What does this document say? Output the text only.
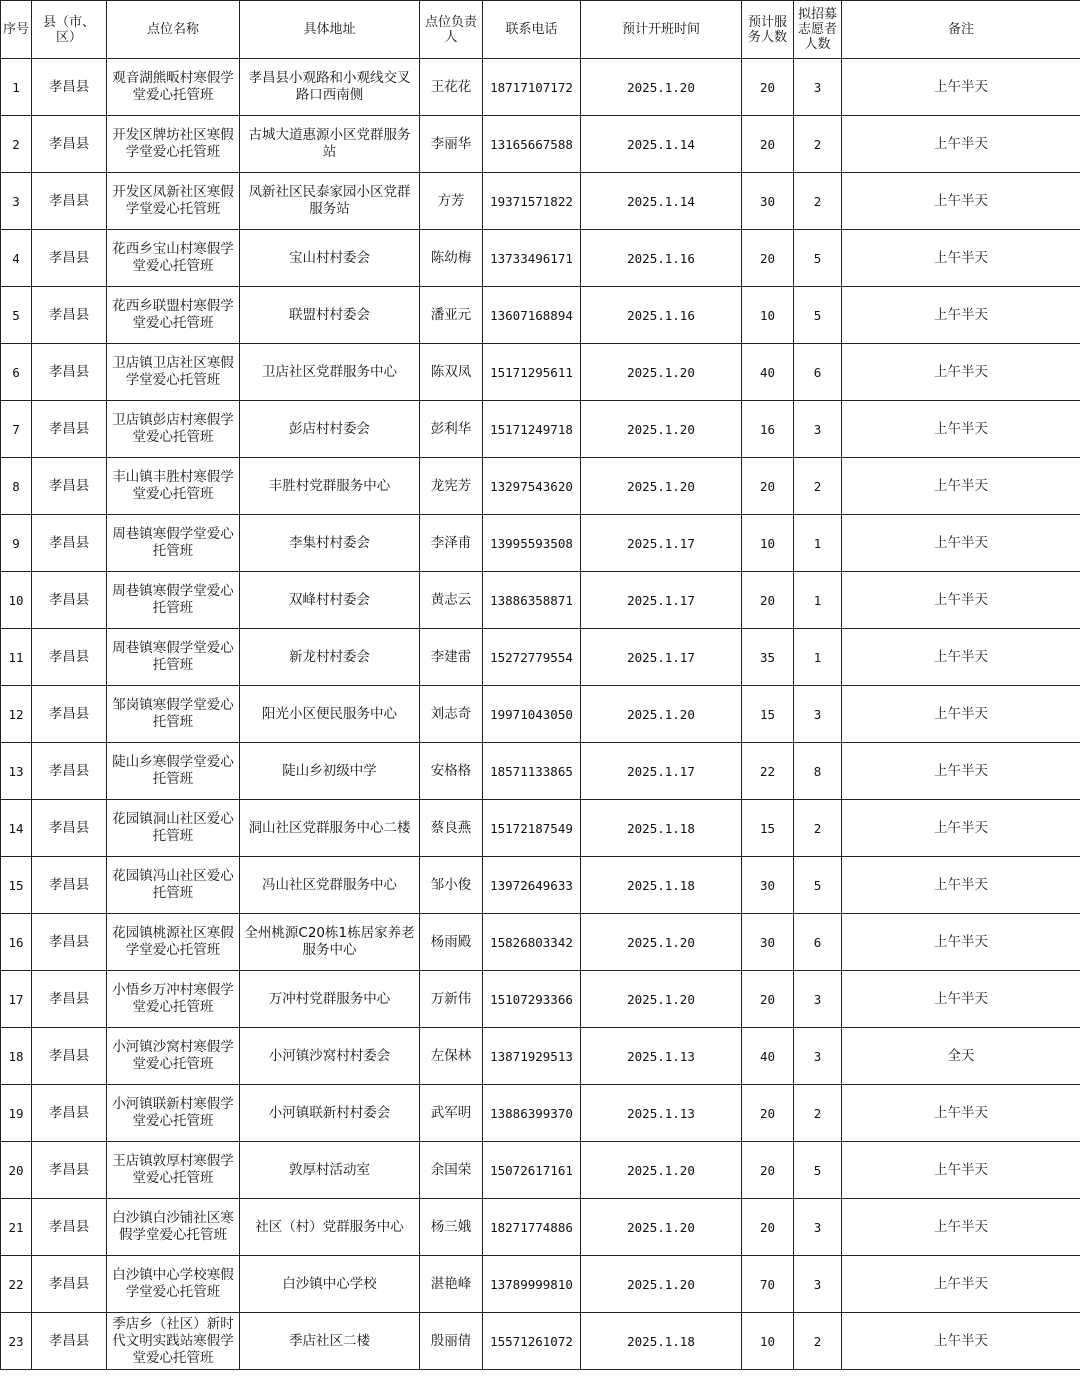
序号	县（市、区）	点位名称	具体地址	点位负责人	联系电话	预计开班时间	预计服务人数	拟招募志愿者人数	备注
1	孝昌县	观音湖熊畈村寒假学堂爱心托管班	孝昌县小观路和小观线交叉路口西南侧	王花花	18717107172	2025.1.20	20	3	上午半天
2	孝昌县	开发区牌坊社区寒假学堂爱心托管班	古城大道惠源小区党群服务站	李丽华	13165667588	2025.1.14	20	2	上午半天
3	孝昌县	开发区凤新社区寒假学堂爱心托管班	凤新社区民泰家园小区党群服务站	方芳	19371571822	2025.1.14	30	2	上午半天
4	孝昌县	花西乡宝山村寒假学堂爱心托管班	宝山村村委会	陈幼梅	13733496171	2025.1.16	20	5	上午半天
5	孝昌县	花西乡联盟村寒假学堂爱心托管班	联盟村村委会	潘亚元	13607168894	2025.1.16	10	5	上午半天
6	孝昌县	卫店镇卫店社区寒假学堂爱心托管班	卫店社区党群服务中心	陈双凤	15171295611	2025.1.20	40	6	上午半天
7	孝昌县	卫店镇彭店村寒假学堂爱心托管班	彭店村村委会	彭利华	15171249718	2025.1.20	16	3	上午半天
8	孝昌县	丰山镇丰胜村寒假学堂爱心托管班	丰胜村党群服务中心	龙宪芳	13297543620	2025.1.20	20	2	上午半天
9	孝昌县	周巷镇寒假学堂爱心托管班	李集村村委会	李泽甫	13995593508	2025.1.17	10	1	上午半天
10	孝昌县	周巷镇寒假学堂爱心托管班	双峰村村委会	黄志云	13886358871	2025.1.17	20	1	上午半天
11	孝昌县	周巷镇寒假学堂爱心托管班	新龙村村委会	李建雷	15272779554	2025.1.17	35	1	上午半天
12	孝昌县	邹岗镇寒假学堂爱心托管班	阳光小区便民服务中心	刘志奇	19971043050	2025.1.20	15	3	上午半天
13	孝昌县	陡山乡寒假学堂爱心托管班	陡山乡初级中学	安格格	18571133865	2025.1.17	22	8	上午半天
14	孝昌县	花园镇洞山社区爱心托管班	洞山社区党群服务中心二楼	蔡良燕	15172187549	2025.1.18	15	2	上午半天
15	孝昌县	花园镇冯山社区爱心托管班	冯山社区党群服务中心	邹小俊	13972649633	2025.1.18	30	5	上午半天
16	孝昌县	花园镇桃源社区寒假学堂爱心托管班	全州桃源C20栋1栋居家养老服务中心	杨雨殿	15826803342	2025.1.20	30	6	上午半天
17	孝昌县	小悟乡万冲村寒假学堂爱心托管班	万冲村党群服务中心	万新伟	15107293366	2025.1.20	20	3	上午半天
18	孝昌县	小河镇沙窝村寒假学堂爱心托管班	小河镇沙窝村村委会	左保林	13871929513	2025.1.13	40	3	全天
19	孝昌县	小河镇联新村寒假学堂爱心托管班	小河镇联新村村委会	武军明	13886399370	2025.1.13	20	2	上午半天
20	孝昌县	王店镇敦厚村寒假学堂爱心托管班	敦厚村活动室	余国荣	15072617161	2025.1.20	20	5	上午半天
21	孝昌县	白沙镇白沙铺社区寒假学堂爱心托管班	社区（村）党群服务中心	杨三娥	18271774886	2025.1.20	20	3	上午半天
22	孝昌县	白沙镇中心学校寒假学堂爱心托管班	白沙镇中心学校	湛艳峰	13789999810	2025.1.20	70	3	上午半天
23	孝昌县	季店乡（社区）新时代文明实践站寒假学堂爱心托管班	季店社区二楼	殷丽倩	15571261072	2025.1.18	10	2	上午半天
